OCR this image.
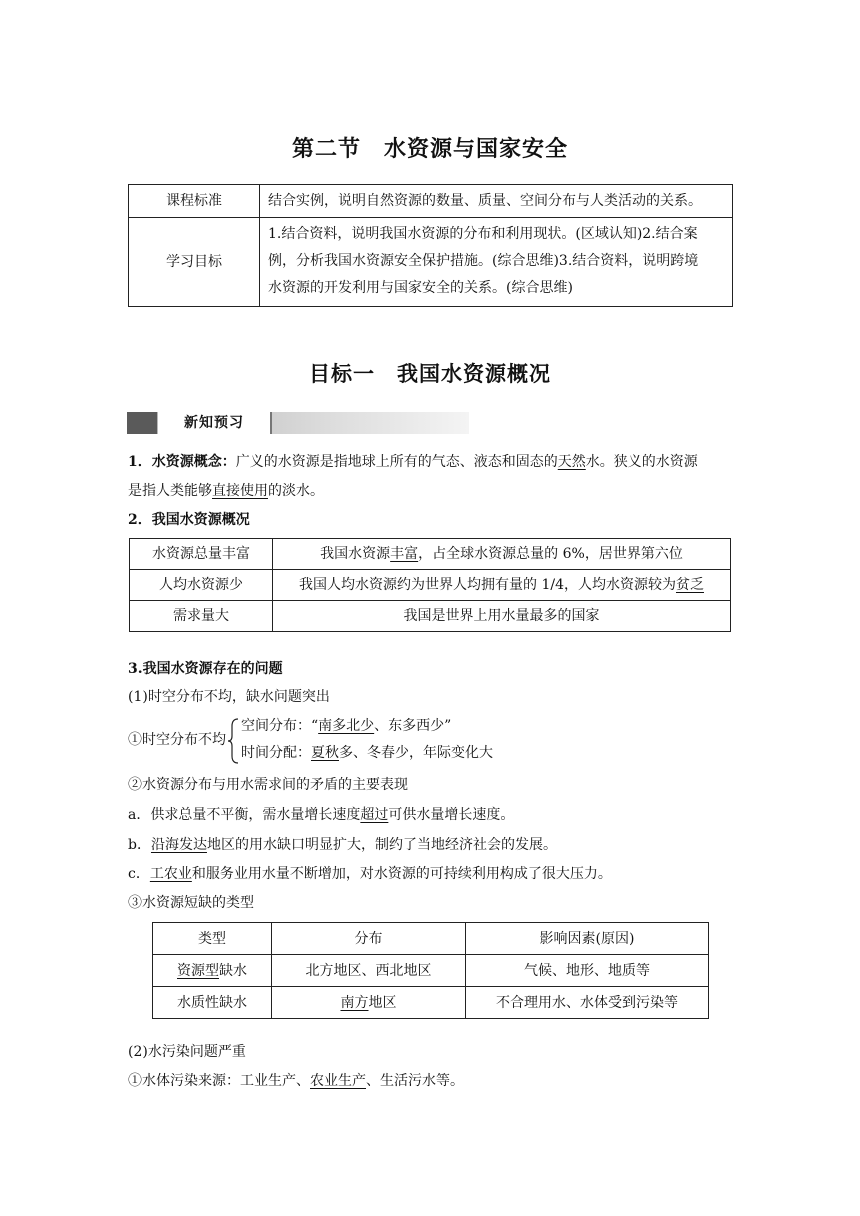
第二节　水资源与国家安全
课程标准	结合实例，说明自然资源的数量、质量、空间分布与人类活动的关系。
学习目标	1.结合资料，说明我国水资源的分布和利用现状。(区域认知)2.结合案
例，分析我国水资源安全保护措施。(综合思维)3.结合资料，说明跨境
水资源的开发利用与国家安全的关系。(综合思维)
目标一　我国水资源概况
新知预习
1．水资源概念：广义的水资源是指地球上所有的气态、液态和固态的天然水。狭义的水资源
是指人类能够直接使用的淡水。
2．我国水资源概况
水资源总量丰富	我国水资源丰富，占全球水资源总量的 6%，居世界第六位
人均水资源少	我国人均水资源约为世界人均拥有量的 1/4，人均水资源较为贫乏
需求量大	我国是世界上用水量最多的国家
3.我国水资源存在的问题
(1)时空分布不均，缺水问题突出
①时空分布不均
空间分布：“南多北少、东多西少”
时间分配：夏秋多、冬春少，年际变化大
②水资源分布与用水需求间的矛盾的主要表现
a．供求总量不平衡，需水量增长速度超过可供水量增长速度。
b．沿海发达地区的用水缺口明显扩大，制约了当地经济社会的发展。
c．工农业和服务业用水量不断增加，对水资源的可持续利用构成了很大压力。
③水资源短缺的类型
类型	分布	影响因素(原因)
资源型缺水	北方地区、西北地区	气候、地形、地质等
水质性缺水	南方地区	不合理用水、水体受到污染等
(2)水污染问题严重
①水体污染来源：工业生产、农业生产、生活污水等。
